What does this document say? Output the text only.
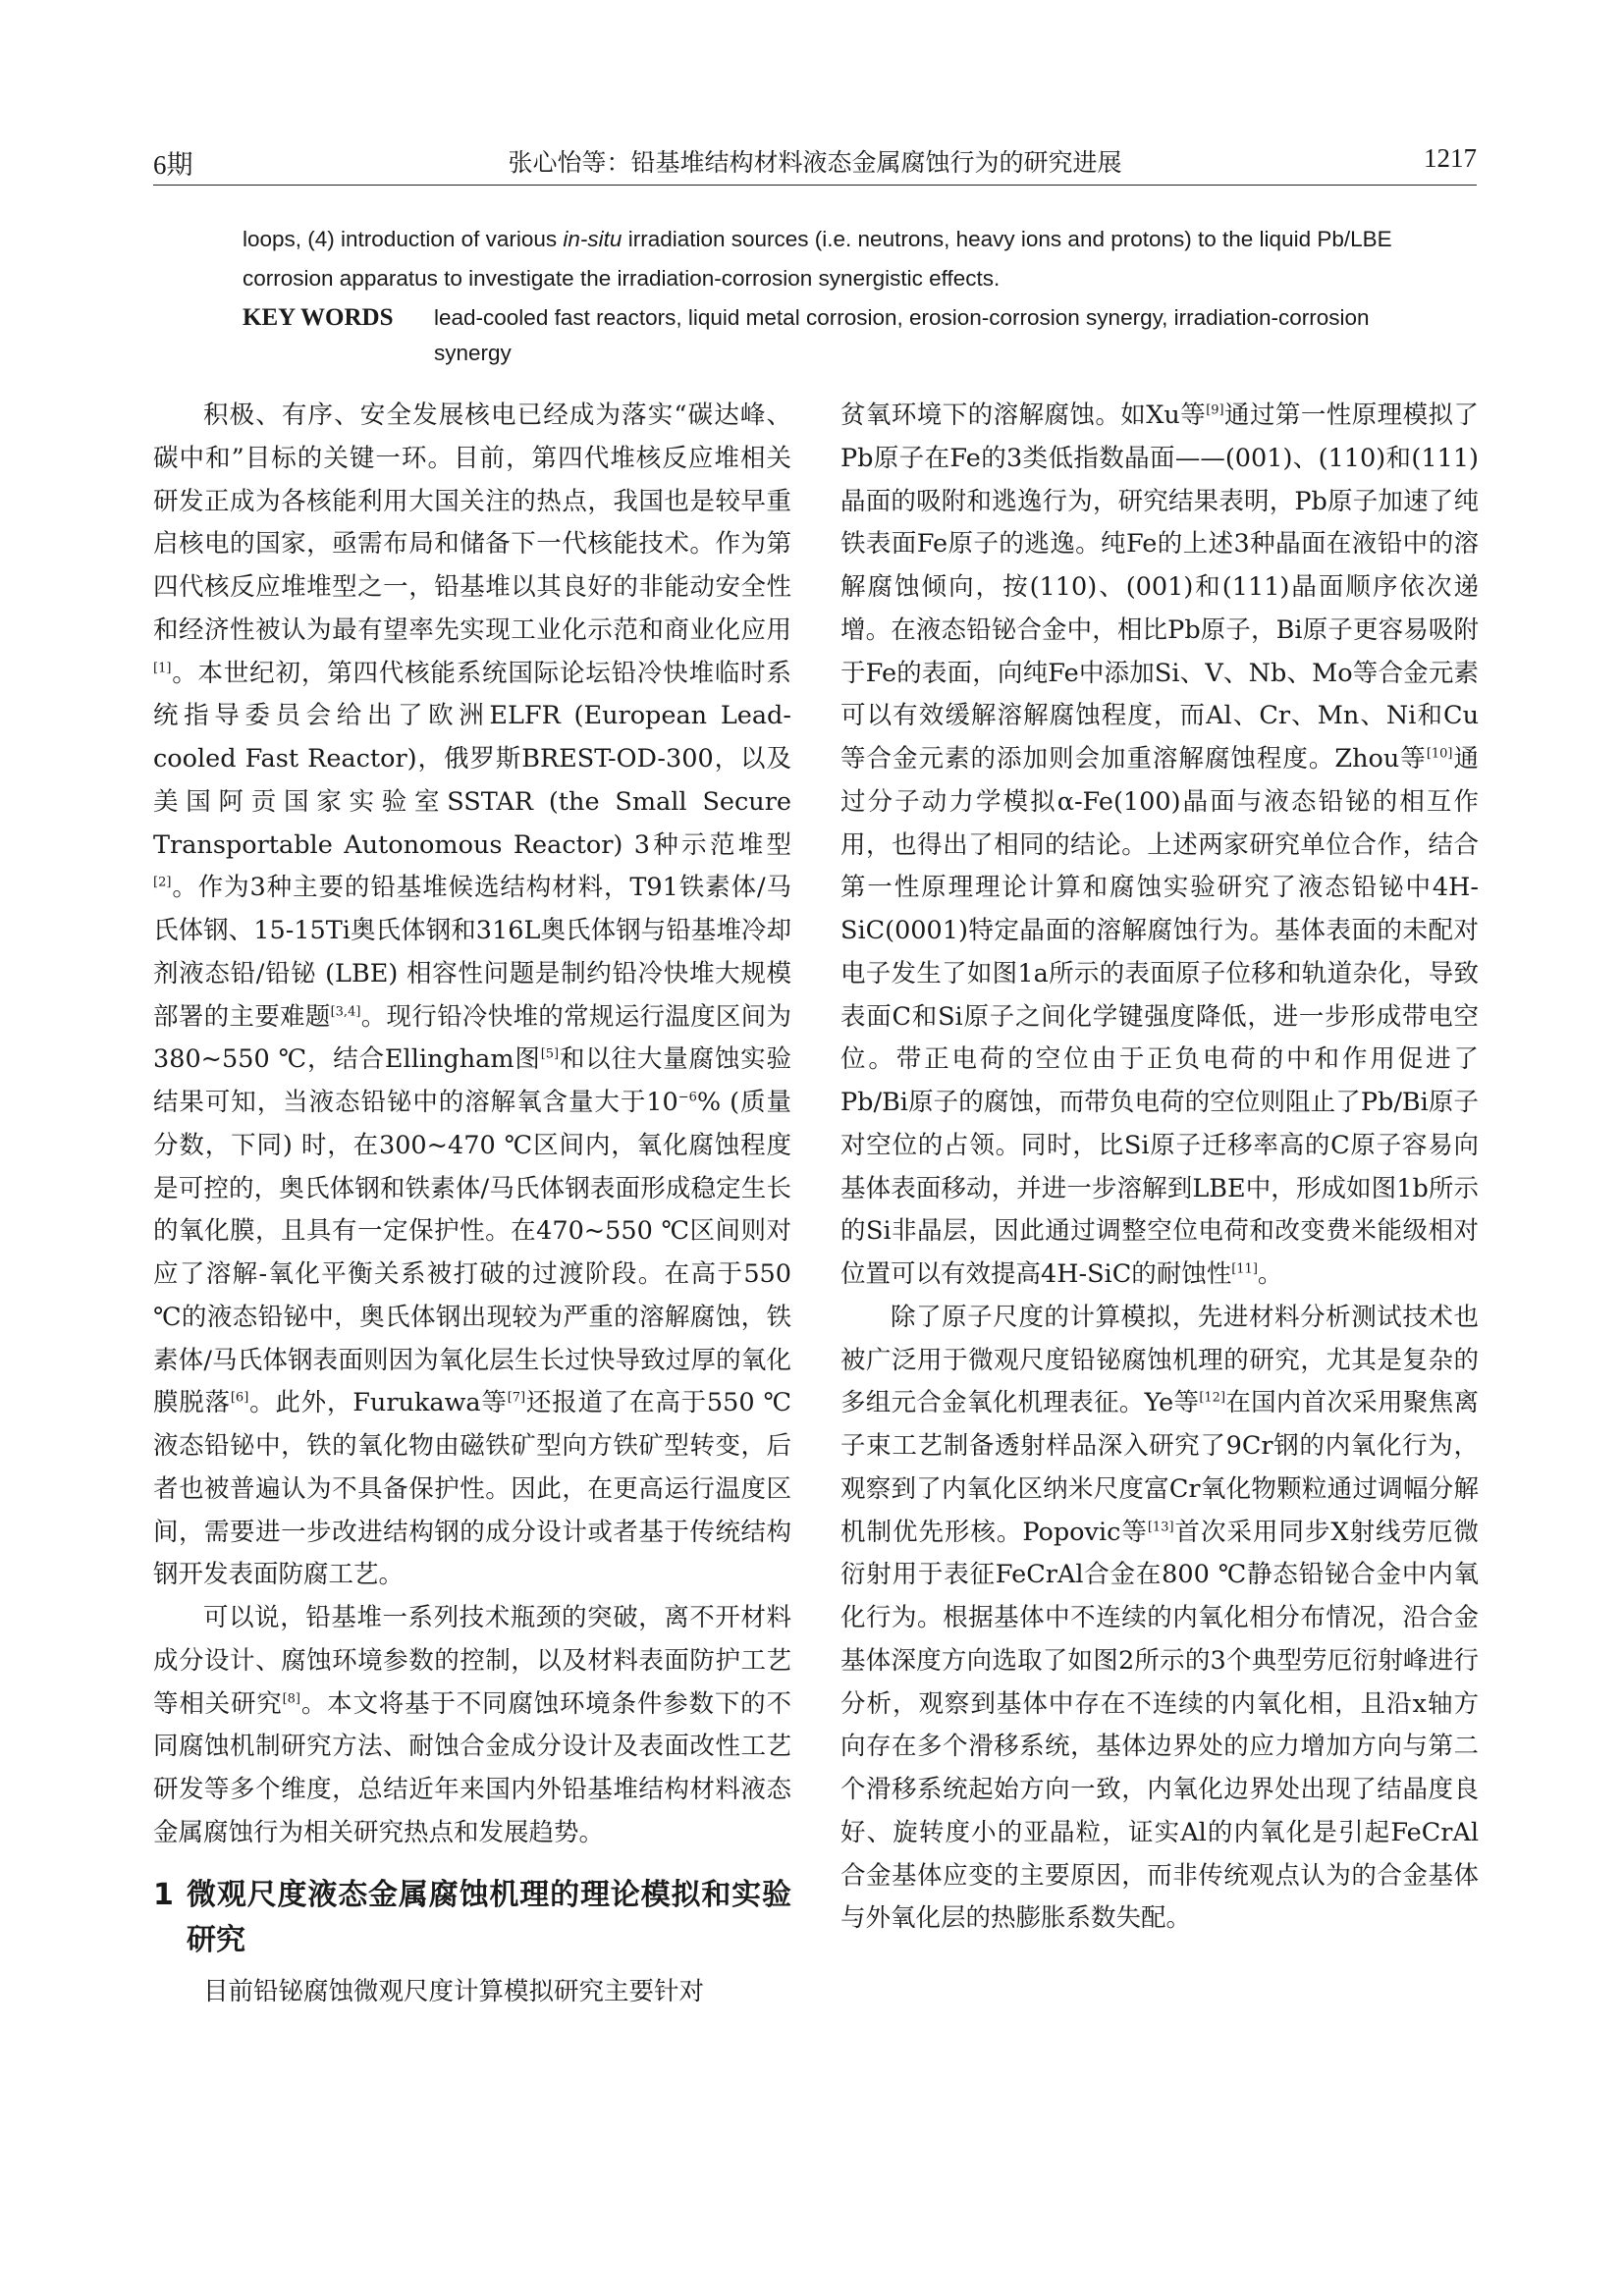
6期	张心怡等：铅基堆结构材料液态金属腐蚀行为的研究进展	1217
loops, (4) introduction of various in-situ irradiation sources (i.e. neutrons, heavy ions and protons) to the liquid Pb/LBE corrosion apparatus to investigate the irradiation-corrosion synergistic effects.
KEY WORDS lead-cooled fast reactors, liquid metal corrosion, erosion-corrosion synergy, irradiation-corrosion synergy

积极、有序、安全发展核电已经成为落实“碳达峰、碳中和”目标的关键一环。目前，第四代堆核反应堆相关研发正成为各核能利用大国关注的热点，我国也是较早重启核电的国家，亟需布局和储备下一代核能技术。作为第四代核反应堆堆型之一，铅基堆以其良好的非能动安全性和经济性被认为最有望率先实现工业化示范和商业化应用[1]。本世纪初，第四代核能系统国际论坛铅冷快堆临时系统指导委员会给出了欧洲ELFR (European Lead-cooled Fast Reactor)，俄罗斯BREST-OD-300，以及美国阿贡国家实验室SSTAR (the Small Secure Transportable Autonomous Reactor) 3种示范堆型[2]。作为3种主要的铅基堆候选结构材料，T91铁素体/马氏体钢、15-15Ti奥氏体钢和316L奥氏体钢与铅基堆冷却剂液态铅/铅铋 (LBE) 相容性问题是制约铅冷快堆大规模部署的主要难题[3,4]。现行铅冷快堆的常规运行温度区间为380~550 ℃，结合Ellingham图[5]和以往大量腐蚀实验结果可知，当液态铅铋中的溶解氧含量大于$10^{-6}\%$ (质量分数，下同) 时，在300~470 ℃区间内，氧化腐蚀程度是可控的，奥氏体钢和铁素体/马氏体钢表面形成稳定生长的氧化膜，且具有一定保护性。在470~550 ℃区间则对应了溶解-氧化平衡关系被打破的过渡阶段。在高于550 ℃的液态铅铋中，奥氏体钢出现较为严重的溶解腐蚀，铁素体/马氏体钢表面则因为氧化层生长过快导致过厚的氧化膜脱落[6]。此外，Furukawa等[7]还报道了在高于550 ℃液态铅铋中，铁的氧化物由磁铁矿型向方铁矿型转变，后者也被普遍认为不具备保护性。因此，在更高运行温度区间，需要进一步改进结构钢的成分设计或者基于传统结构钢开发表面防腐工艺。

可以说，铅基堆一系列技术瓶颈的突破，离不开材料成分设计、腐蚀环境参数的控制，以及材料表面防护工艺等相关研究[8]。本文将基于不同腐蚀环境条件参数下的不同腐蚀机制研究方法、耐蚀合金成分设计及表面改性工艺研发等多个维度，总结近年来国内外铅基堆结构材料液态金属腐蚀行为相关研究热点和发展趋势。

1 微观尺度液态金属腐蚀机理的理论模拟和实验研究

目前铅铋腐蚀微观尺度计算模拟研究主要针对

贫氧环境下的溶解腐蚀。如Xu等[9]通过第一性原理模拟了Pb原子在Fe的3类低指数晶面——(001)、(110)和(111)晶面的吸附和逃逸行为，研究结果表明，Pb原子加速了纯铁表面Fe原子的逃逸。纯Fe的上述3种晶面在液铅中的溶解腐蚀倾向，按(110)、(001)和(111)晶面顺序依次递增。在液态铅铋合金中，相比Pb原子，Bi原子更容易吸附于Fe的表面，向纯Fe中添加Si、V、Nb、Mo等合金元素可以有效缓解溶解腐蚀程度，而Al、Cr、Mn、Ni和Cu等合金元素的添加则会加重溶解腐蚀程度。Zhou等[10]通过分子动力学模拟α-Fe(100)晶面与液态铅铋的相互作用，也得出了相同的结论。上述两家研究单位合作，结合第一性原理理论计算和腐蚀实验研究了液态铅铋中4H-SiC(0001)特定晶面的溶解腐蚀行为。基体表面的未配对电子发生了如图1a所示的表面原子位移和轨道杂化，导致表面C和Si原子之间化学键强度降低，进一步形成带电空位。带正电荷的空位由于正负电荷的中和作用促进了Pb/Bi原子的腐蚀，而带负电荷的空位则阻止了Pb/Bi原子对空位的占领。同时，比Si原子迁移率高的C原子容易向基体表面移动，并进一步溶解到LBE中，形成如图1b所示的Si非晶层，因此通过调整空位电荷和改变费米能级相对位置可以有效提高4H-SiC的耐蚀性[11]。

除了原子尺度的计算模拟，先进材料分析测试技术也被广泛用于微观尺度铅铋腐蚀机理的研究，尤其是复杂的多组元合金氧化机理表征。Ye等[12]在国内首次采用聚焦离子束工艺制备透射样品深入研究了9Cr钢的内氧化行为，观察到了内氧化区纳米尺度富Cr氧化物颗粒通过调幅分解机制优先形核。Popovic等[13]首次采用同步X射线劳厄微衍射用于表征FeCrAl合金在800 ℃静态铅铋合金中内氧化行为。根据基体中不连续的内氧化相分布情况，沿合金基体深度方向选取了如图2所示的3个典型劳厄衍射峰进行分析，观察到基体中存在不连续的内氧化相，且沿x轴方向存在多个滑移系统，基体边界处的应力增加方向与第二个滑移系统起始方向一致，内氧化边界处出现了结晶度良好、旋转度小的亚晶粒，证实Al的内氧化是引起FeCrAl合金基体应变的主要原因，而非传统观点认为的合金基体与外氧化层的热膨胀系数失配。
